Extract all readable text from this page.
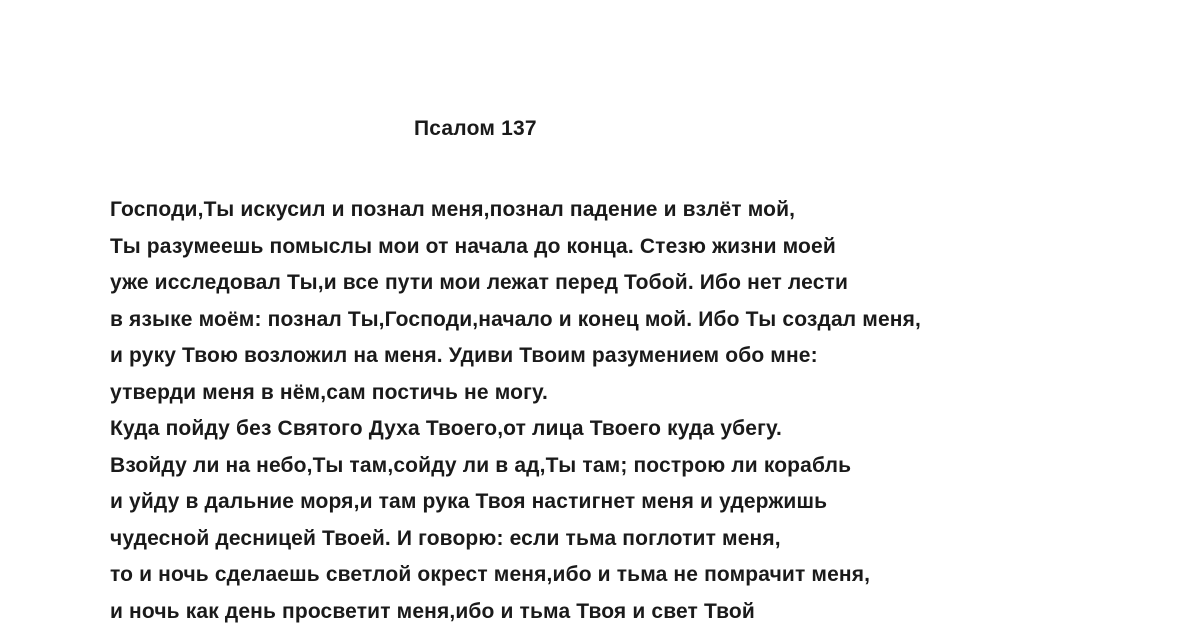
Псалом 137
Господи,Ты искусил и познал меня,познал падение и взлёт мой,
Ты разумеешь помыслы мои от начала до конца. Стезю жизни моей
уже исследовал Ты,и все пути мои лежат перед Тобой. Ибо нет лести
в языке моём: познал Ты,Господи,начало и конец мой. Ибо Ты создал меня,
и руку Твою возложил на меня. Удиви Твоим разумением обо мне:
утверди меня в нём,сам постичь не могу.
Куда пойду без Святого Духа Твоего,от лица Твоего куда убегу.
Взойду ли на небо,Ты там,сойду ли в ад,Ты там; построю ли корабль
и уйду в дальние моря,и там рука Твоя настигнет меня и удержишь
чудесной десницей Твоей. И говорю: если тьма поглотит меня,
то и ночь сделаешь светлой окрест меня,ибо и тьма не помрачит меня,
и ночь как день просветит меня,ибо и тьма Твоя и свет Твой
